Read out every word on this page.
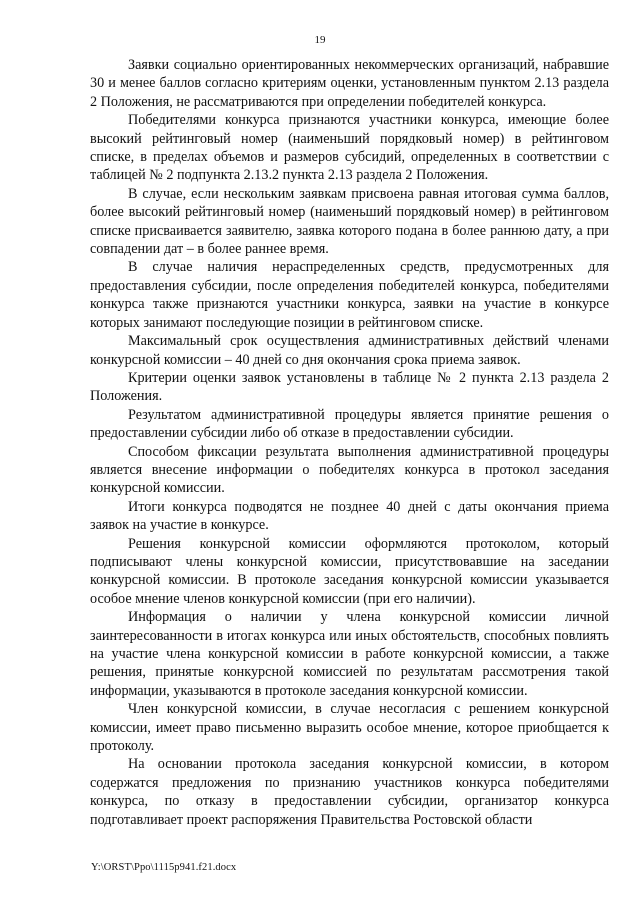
19

Заявки социально ориентированных некоммерческих организаций, набравшие 30 и менее баллов согласно критериям оценки, установленным пунктом 2.13 раздела 2 Положения, не рассматриваются при определении победителей конкурса.

Победителями конкурса признаются участники конкурса, имеющие более высокий рейтинговый номер (наименьший порядковый номер) в рейтинговом списке, в пределах объемов и размеров субсидий, определенных в соответствии с таблицей № 2 подпункта 2.13.2 пункта 2.13 раздела 2 Положения.

В случае, если нескольким заявкам присвоена равная итоговая сумма баллов, более высокий рейтинговый номер (наименьший порядковый номер) в рейтинговом списке присваивается заявителю, заявка которого подана в более раннюю дату, а при совпадении дат – в более раннее время.

В случае наличия нераспределенных средств, предусмотренных для предоставления субсидии, после определения победителей конкурса, победителями конкурса также признаются участники конкурса, заявки на участие в конкурсе которых занимают последующие позиции в рейтинговом списке.

Максимальный срок осуществления административных действий членами конкурсной комиссии – 40 дней со дня окончания срока приема заявок.

Критерии оценки заявок установлены в таблице № 2 пункта 2.13 раздела 2 Положения.

Результатом административной процедуры является принятие решения о предоставлении субсидии либо об отказе в предоставлении субсидии.

Способом фиксации результата выполнения административной процедуры является внесение информации о победителях конкурса в протокол заседания конкурсной комиссии.

Итоги конкурса подводятся не позднее 40 дней с даты окончания приема заявок на участие в конкурсе.

Решения конкурсной комиссии оформляются протоколом, который подписывают члены конкурсной комиссии, присутствовавшие на заседании конкурсной комиссии. В протоколе заседания конкурсной комиссии указывается особое мнение членов конкурсной комиссии (при его наличии).

Информация о наличии у члена конкурсной комиссии личной заинтересованности в итогах конкурса или иных обстоятельств, способных повлиять на участие члена конкурсной комиссии в работе конкурсной комиссии, а также решения, принятые конкурсной комиссией по результатам рассмотрения такой информации, указываются в протоколе заседания конкурсной комиссии.

Член конкурсной комиссии, в случае несогласия с решением конкурсной комиссии, имеет право письменно выразить особое мнение, которое приобщается к протоколу.

На основании протокола заседания конкурсной комиссии, в котором содержатся предложения по признанию участников конкурса победителями конкурса, по отказу в предоставлении субсидии, организатор конкурса подготавливает проект распоряжения Правительства Ростовской области

Y:\ORST\Ppo\1115p941.f21.docx
